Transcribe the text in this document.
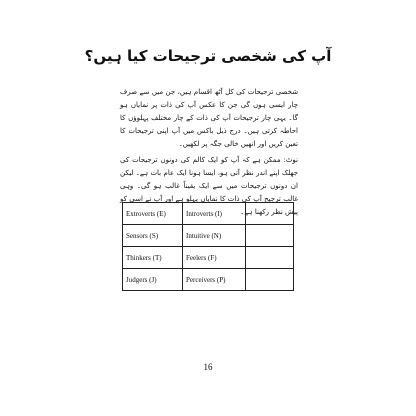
آپ کی شخصی ترجیحات کیا ہیں؟

شخصی ترجیحات کی کل آٹھ اقسام ہیں، جن میں سے صرف چار ایسی ہوں گی جن کا عکس آپ کی ذات پر نمایاں ہو گا۔ یہی چار ترجیحات آپ کی ذات کے چار مختلف پہلوؤں کا احاطہ کرتی ہیں۔ درج ذیل باکس میں آپ اپنی ترجیحات کا تعین کریں اور انھیں خالی جگہ پر لکھیں۔

نوٹ: ممکن ہے کہ آپ کو ایک کالم کی دونوں ترجیحات کی جھلک اپنے اندر نظر آتی ہو، ایسا ہونا ایک عام بات ہے۔ لیکن ان دونوں ترجیحات میں سے ایک یقیناً غالب ہو گی۔ وہی غالب ترجیح آپ کی ذات کا نمایاں پہلو ہے اور آپ نے اسی کو پیش نظر رکھنا ہے۔

Extroverts (E)	Introverts (I)	
Sensors (S)	Intuitive (N)	
Thinkers (T)	Feelers (F)	
Judgers (J)	Perceivers (P)	
16
